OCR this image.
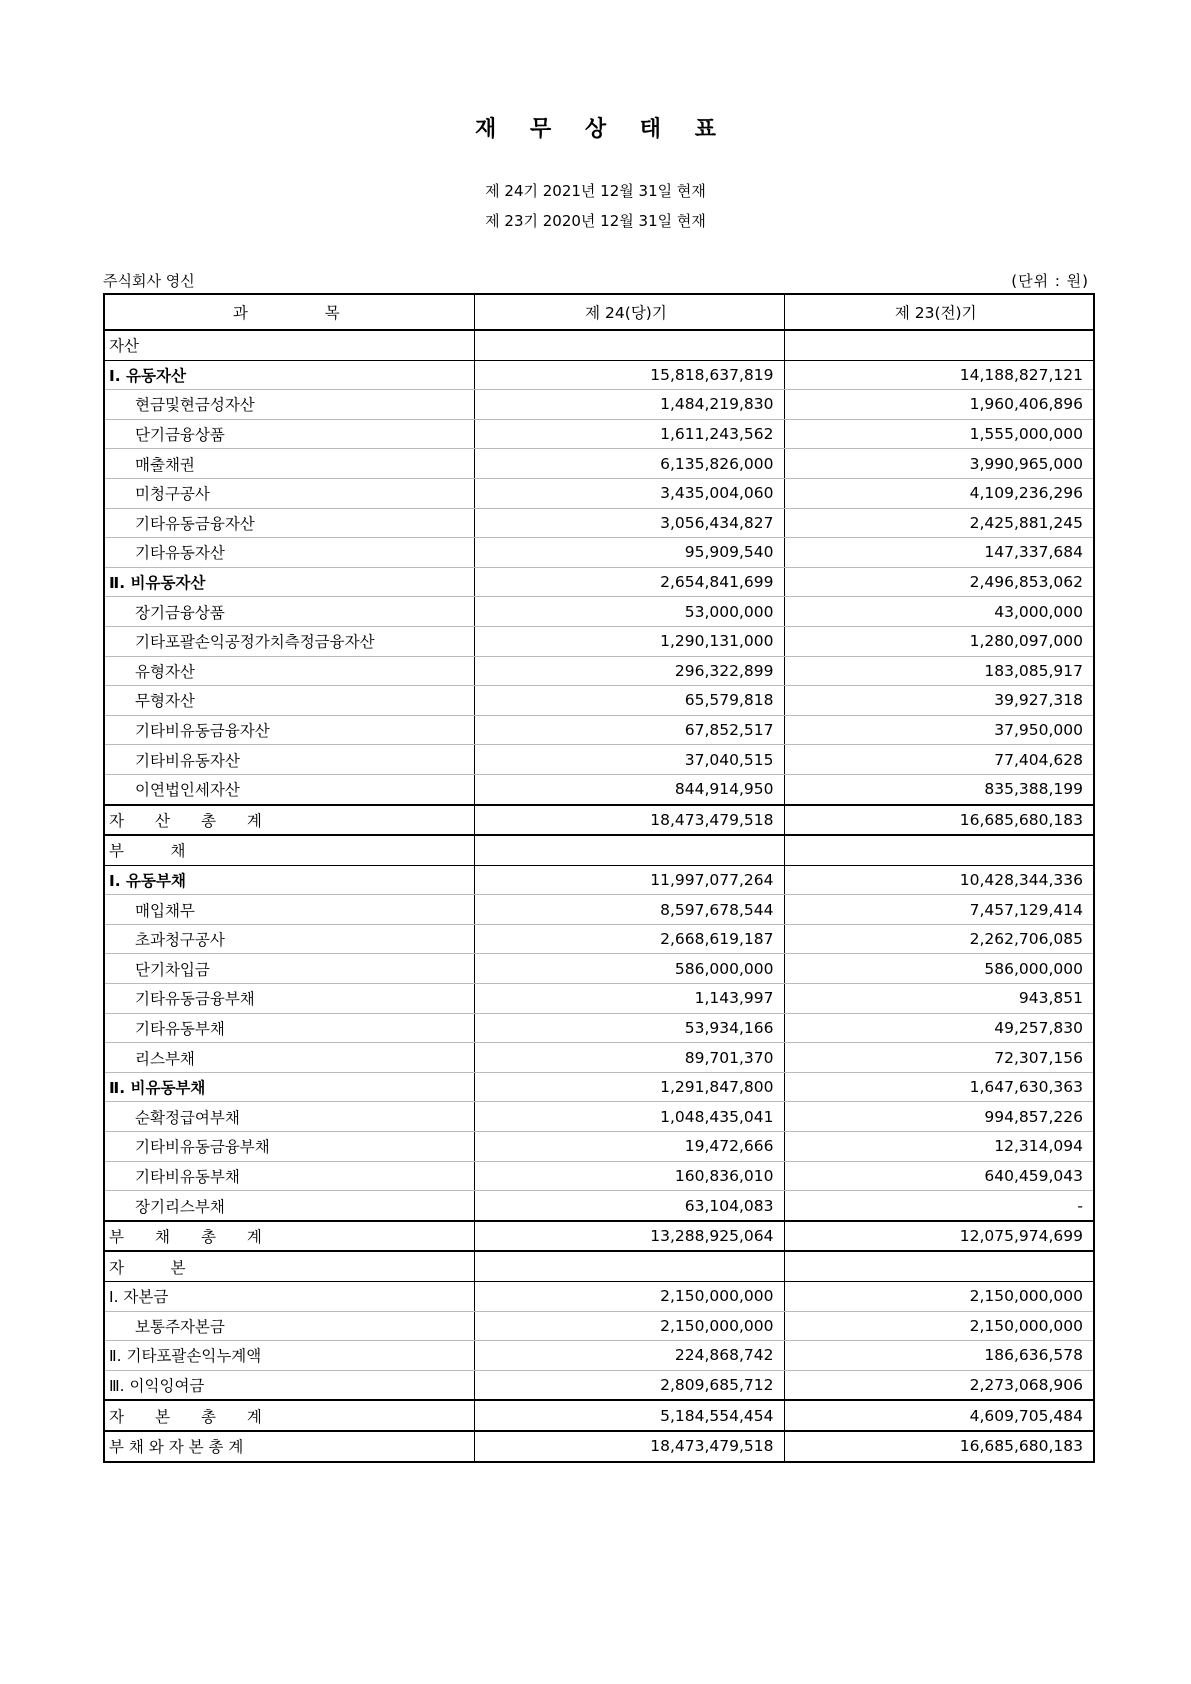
재 무 상 태 표
제 24기 2021년 12월 31일 현재
제 23기 2020년 12월 31일 현재
주식회사 영신	(단위 : 원)
과 목	제 24(당)기	제 23(전)기
자산		
Ⅰ. 유동자산	15,818,637,819	14,188,827,121
현금및현금성자산	1,484,219,830	1,960,406,896
단기금융상품	1,611,243,562	1,555,000,000
매출채권	6,135,826,000	3,990,965,000
미청구공사	3,435,004,060	4,109,236,296
기타유동금융자산	3,056,434,827	2,425,881,245
기타유동자산	95,909,540	147,337,684
Ⅱ. 비유동자산	2,654,841,699	2,496,853,062
장기금융상품	53,000,000	43,000,000
기타포괄손익공정가치측정금융자산	1,290,131,000	1,280,097,000
유형자산	296,322,899	183,085,917
무형자산	65,579,818	39,927,318
기타비유동금융자산	67,852,517	37,950,000
기타비유동자산	37,040,515	77,404,628
이연법인세자산	844,914,950	835,388,199
자　　산　　총　　계	18,473,479,518	16,685,680,183
부　　　채		
Ⅰ. 유동부채	11,997,077,264	10,428,344,336
매입채무	8,597,678,544	7,457,129,414
초과청구공사	2,668,619,187	2,262,706,085
단기차입금	586,000,000	586,000,000
기타유동금융부채	1,143,997	943,851
기타유동부채	53,934,166	49,257,830
리스부채	89,701,370	72,307,156
Ⅱ. 비유동부채	1,291,847,800	1,647,630,363
순확정급여부채	1,048,435,041	994,857,226
기타비유동금융부채	19,472,666	12,314,094
기타비유동부채	160,836,010	640,459,043
장기리스부채	63,104,083	-
부　　채　　총　　계	13,288,925,064	12,075,974,699
자　　　본		
Ⅰ. 자본금	2,150,000,000	2,150,000,000
보통주자본금	2,150,000,000	2,150,000,000
Ⅱ. 기타포괄손익누계액	224,868,742	186,636,578
Ⅲ. 이익잉여금	2,809,685,712	2,273,068,906
자　　본　　총　　계	5,184,554,454	4,609,705,484
부 채 와 자 본 총 계	18,473,479,518	16,685,680,183
